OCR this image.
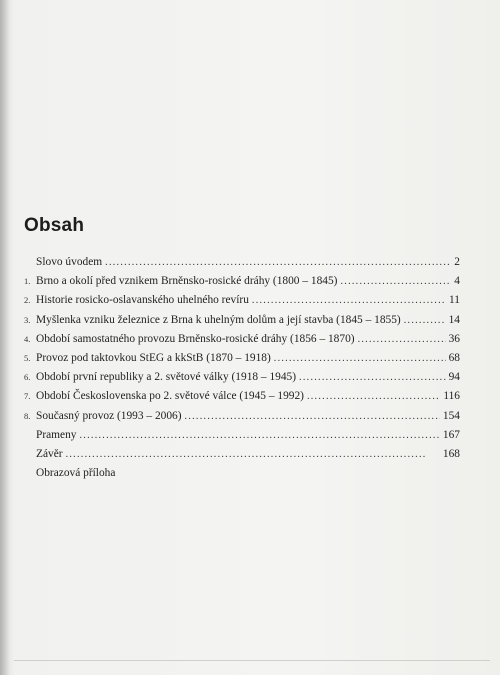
Obsah
Slovo úvodem . . .	2
1. Brno a okolí před vznikem Brněnsko-rosické dráhy (1800 – 1845) . . .	4
2. Historie rosicko-oslavanského uhelného revíru . . .	11
3. Myšlenka vzniku železnice z Brna k uhelným dolům a její stavba (1845 – 1855) . . .	14
4. Období samostatného provozu Brněnsko-rosické dráhy (1856 – 1870) . . .	36
5. Provoz pod taktovkou StEG a kkStB (1870 – 1918) . . .	68
6. Období první republiky a 2. světové války (1918 – 1945) . . .	94
7. Období Československa po 2. světové válce (1945 – 1992) . . .	116
8. Současný provoz (1993 – 2006) . . .	154
Prameny . . .	167
Závěr . . .	168
Obrazová příloha
